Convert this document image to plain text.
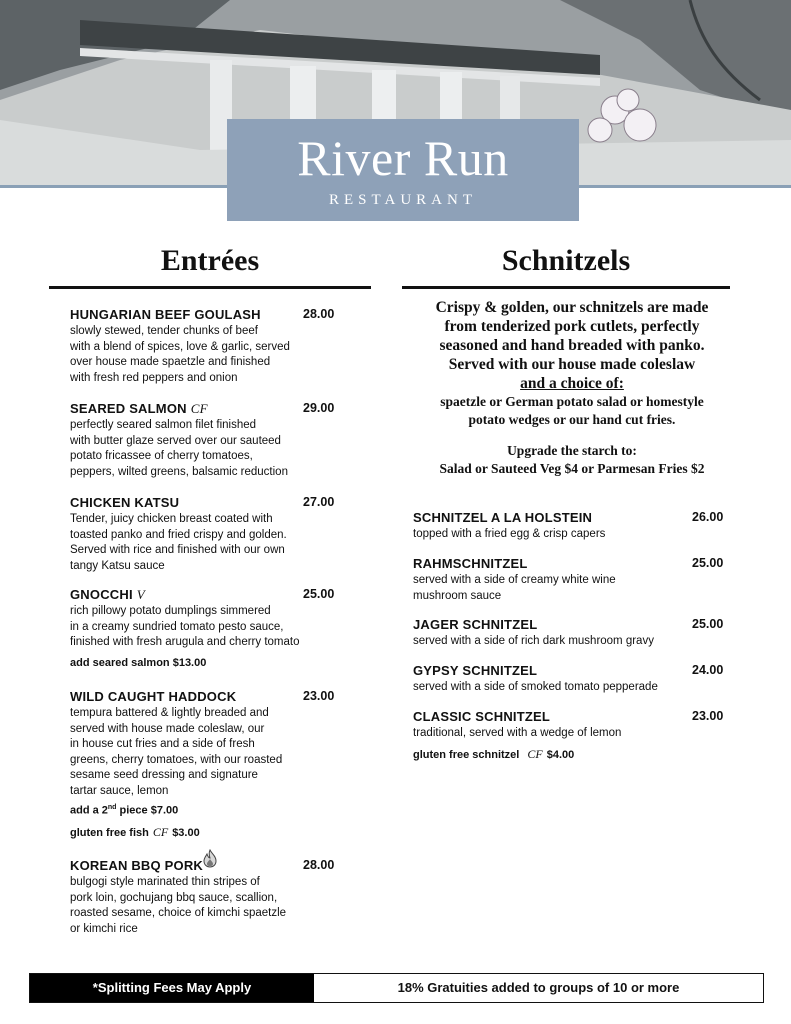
River Run
RESTAURANT
Entrées
HUNGARIAN BEEF GOULASH	28.00
slowly stewed, tender chunks of beef
with a blend of spices, love & garlic, served
over house made spaetzle and finished
with fresh red peppers and onion
SEARED SALMON CF	29.00
perfectly seared salmon filet finished
with butter glaze served over our sauteed
potato fricassee of cherry tomatoes,
peppers, wilted greens, balsamic reduction
CHICKEN KATSU	27.00
Tender, juicy chicken breast coated with
toasted panko and fried crispy and golden.
Served with rice and finished with our own
tangy Katsu sauce
GNOCCHI V	25.00
rich pillowy potato dumplings simmered
in a creamy sundried tomato pesto sauce,
finished with fresh arugula and cherry tomato
add seared salmon $13.00
WILD CAUGHT HADDOCK	23.00
tempura battered & lightly breaded and
served with house made coleslaw, our
in house cut fries and a side of fresh
greens, cherry tomatoes, with our roasted
sesame seed dressing and signature
tartar sauce, lemon
add a 2nd piece $7.00
gluten free fish CF $3.00
KOREAN BBQ PORK	28.00
bulgogi style marinated thin stripes of
pork loin, gochujang bbq sauce, scallion,
roasted sesame, choice of kimchi spaetzle
or kimchi rice
Schnitzels
Crispy & golden, our schnitzels are made
from tenderized pork cutlets, perfectly
seasoned and hand breaded with panko.
Served with our house made coleslaw
and a choice of:
spaetzle or German potato salad or homestyle
potato wedges or our hand cut fries.
Upgrade the starch to:
Salad or Sauteed Veg $4 or Parmesan Fries $2
SCHNITZEL A LA HOLSTEIN	26.00
topped with a fried egg & crisp capers
RAHMSCHNITZEL	25.00
served with a side of creamy white wine
mushroom sauce
JAGER SCHNITZEL	25.00
served with a side of rich dark mushroom gravy
GYPSY SCHNITZEL	24.00
served with a side of smoked tomato pepperade
CLASSIC SCHNITZEL	23.00
traditional, served with a wedge of lemon
gluten free schnitzel CF $4.00
*Splitting Fees May Apply	18% Gratuities added to groups of 10 or more
